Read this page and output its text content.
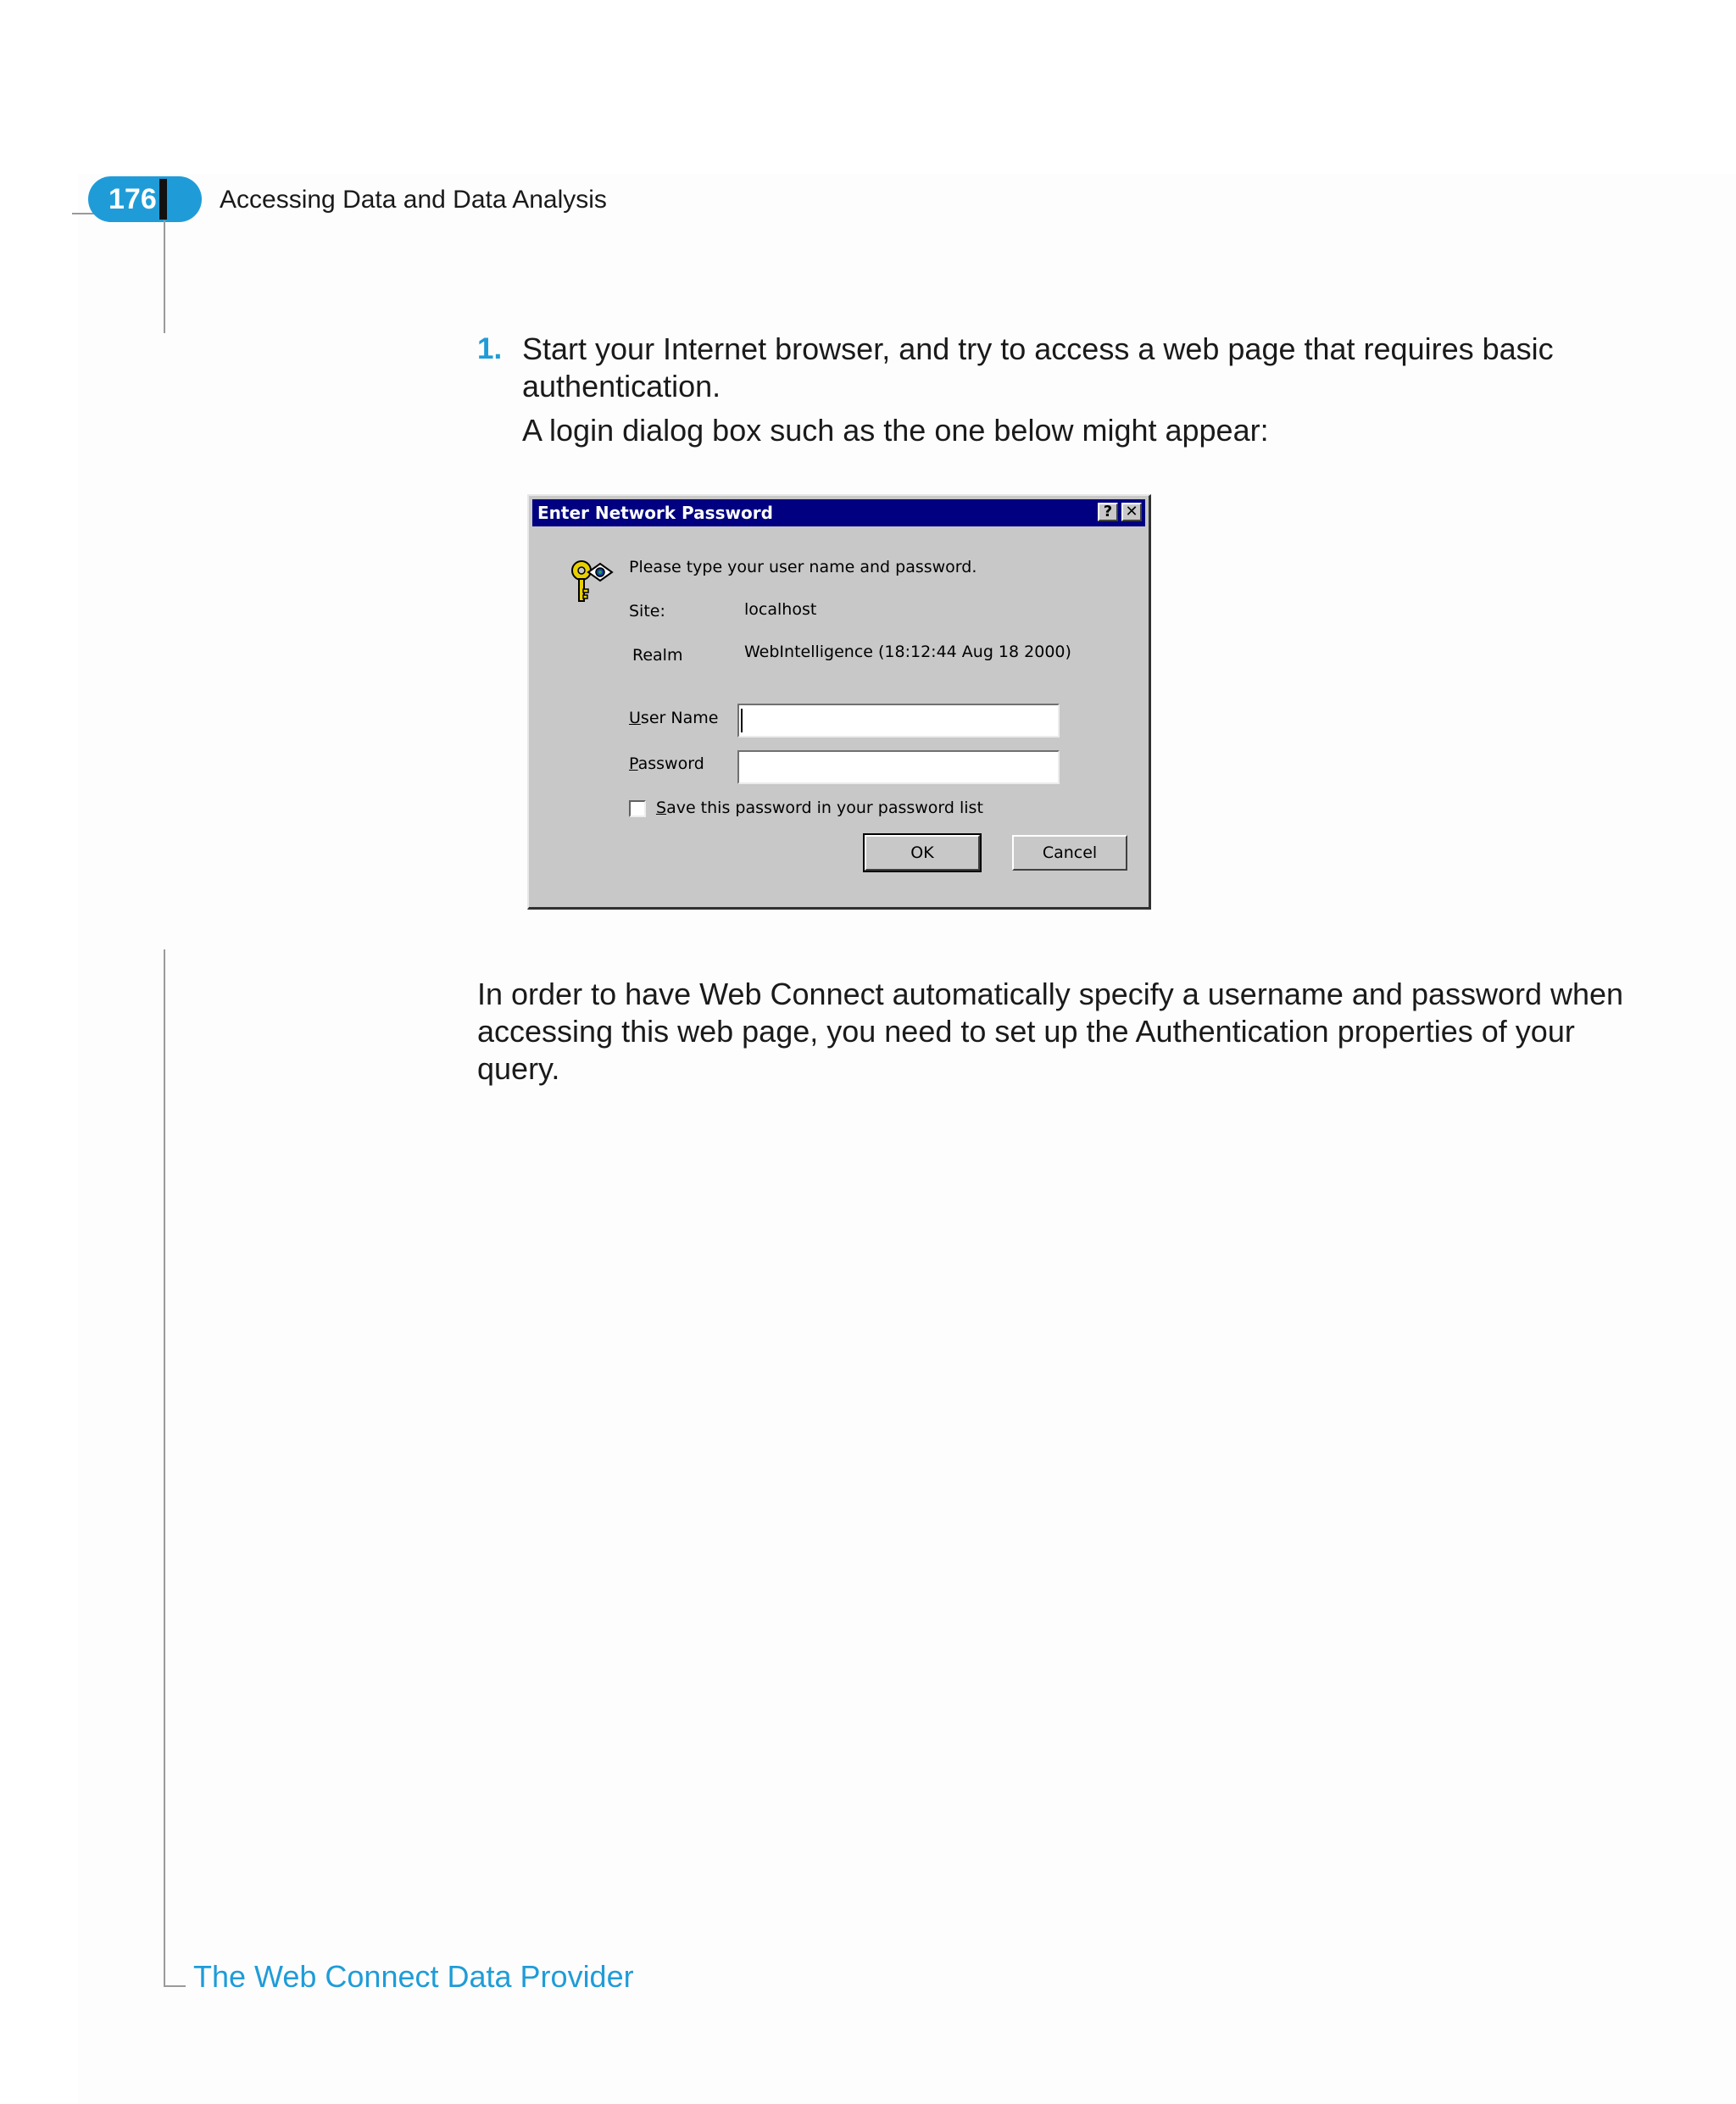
176 Accessing Data and Data Analysis
1. Start your Internet browser, and try to access a web page that requires basic authentication.
A login dialog box such as the one below might appear:
Enter Network Password	? ✕
Please type your user name and password.
Site:	localhost
Realm	WebIntelligence (18:12:44 Aug 18 2000)
User Name
Password
Save this password in your password list
OK	Cancel
In order to have Web Connect automatically specify a username and password when accessing this web page, you need to set up the Authentication properties of your query.
The Web Connect Data Provider
